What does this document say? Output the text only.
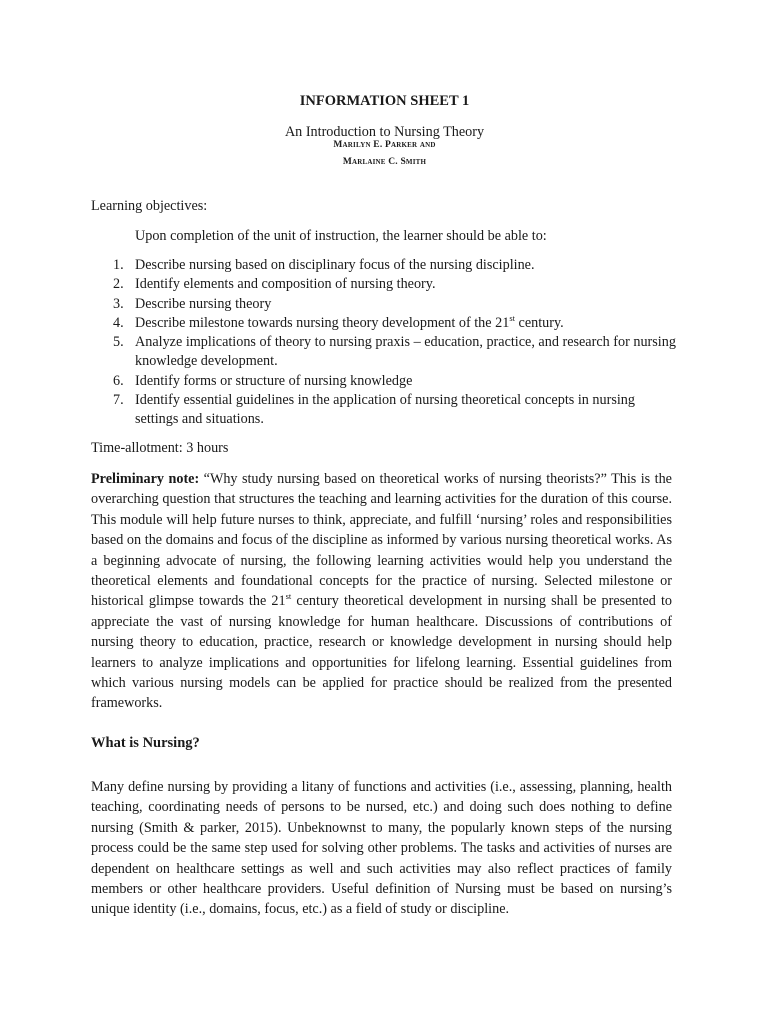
INFORMATION SHEET 1
An Introduction to Nursing Theory
Marilyn E. Parker and
Marlaine C. Smith
Learning objectives:
Upon completion of the unit of instruction, the learner should be able to:
1. Describe nursing based on disciplinary focus of the nursing discipline.
2. Identify elements and composition of nursing theory.
3. Describe nursing theory
4. Describe milestone towards nursing theory development of the 21st century.
5. Analyze implications of theory to nursing praxis – education, practice, and research for nursing knowledge development.
6. Identify forms or structure of nursing knowledge
7. Identify essential guidelines in the application of nursing theoretical concepts in nursing settings and situations.
Time-allotment: 3 hours

Preliminary note: “Why study nursing based on theoretical works of nursing theorists?” This is the overarching question that structures the teaching and learning activities for the duration of this course. This module will help future nurses to think, appreciate, and fulfill ‘nursing’ roles and responsibilities based on the domains and focus of the discipline as informed by various nursing theoretical works. As a beginning advocate of nursing, the following learning activities would help you understand the theoretical elements and foundational concepts for the practice of nursing. Selected milestone or historical glimpse towards the 21st century theoretical development in nursing shall be presented to appreciate the vast of nursing knowledge for human healthcare. Discussions of contributions of nursing theory to education, practice, research or knowledge development in nursing should help learners to analyze implications and opportunities for lifelong learning. Essential guidelines from which various nursing models can be applied for practice should be realized from the presented frameworks.

What is Nursing?

Many define nursing by providing a litany of functions and activities (i.e., assessing, planning, health teaching, coordinating needs of persons to be nursed, etc.) and doing such does nothing to define nursing (Smith & parker, 2015). Unbeknownst to many, the popularly known steps of the nursing process could be the same step used for solving other problems. The tasks and activities of nurses are dependent on healthcare settings as well and such activities may also reflect practices of family members or other healthcare providers. Useful definition of Nursing must be based on nursing’s unique identity (i.e., domains, focus, etc.) as a field of study or discipline.
